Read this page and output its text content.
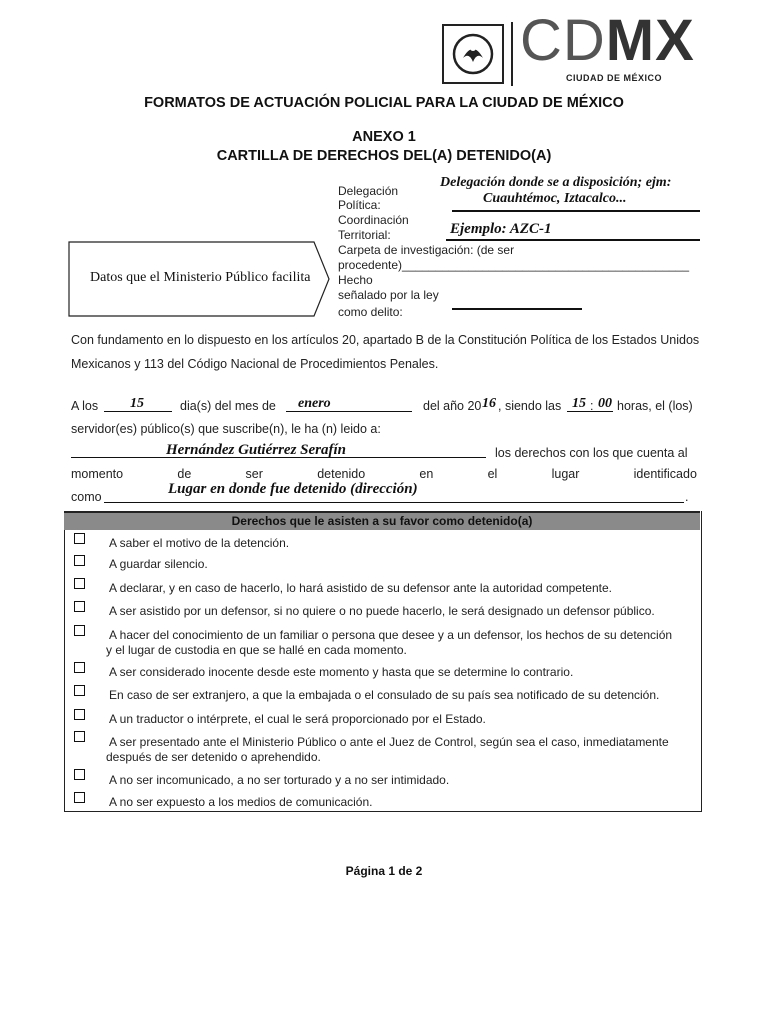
CDMX
CIUDAD DE MÉXICO
FORMATOS DE ACTUACIÓN POLICIAL PARA LA CIUDAD DE MÉXICO
ANEXO 1
CARTILLA DE DERECHOS DEL(A) DETENIDO(A)
Delegación
Política:
Delegación donde se a disposición; ejm:
Cuauhtémoc, Iztacalco...
Coordinación
Territorial:	Ejemplo: AZC-1
Carpeta de investigación: (de ser
procedente)___________________________________________
Hecho
señalado por la ley
como delito:
Datos que el Ministerio Público facilita
Con fundamento en lo dispuesto en los artículos 20, apartado B de la Constitución Política de los Estados Unidos
Mexicanos y 113 del Código Nacional de Procedimientos Penales.
A los 15	dia(s) del mes de enero	del año 20 16 , siendo las 15 : 00 horas, el (los)
servidor(es) público(s) que suscribe(n), le ha (n) leido a:
Hernández Gutiérrez Serafín	los derechos con los que cuenta al
momento	de	ser	detenido	en	el	lugar	identificado
como	Lugar en donde fue detenido (dirección)	.
Derechos que le asisten a su favor como detenido(a)
A saber el motivo de la detención.
A guardar silencio.
A declarar, y en caso de hacerlo, lo hará asistido de su defensor ante la autoridad competente.
A ser asistido por un defensor, si no quiere o no puede hacerlo, le será designado un defensor público.
A hacer del conocimiento de un familiar o persona que desee y a un defensor, los hechos de su detención
y el lugar de custodia en que se hallé en cada momento.
A ser considerado inocente desde este momento y hasta que se determine lo contrario.
En caso de ser extranjero, a que la embajada o el consulado de su país sea notificado de su detención.
A un traductor o intérprete, el cual le será proporcionado por el Estado.
A ser presentado ante el Ministerio Público o ante el Juez de Control, según sea el caso, inmediatamente
después de ser detenido o aprehendido.
A no ser incomunicado, a no ser torturado y a no ser intimidado.
A no ser expuesto a los medios de comunicación.
Página 1 de 2
